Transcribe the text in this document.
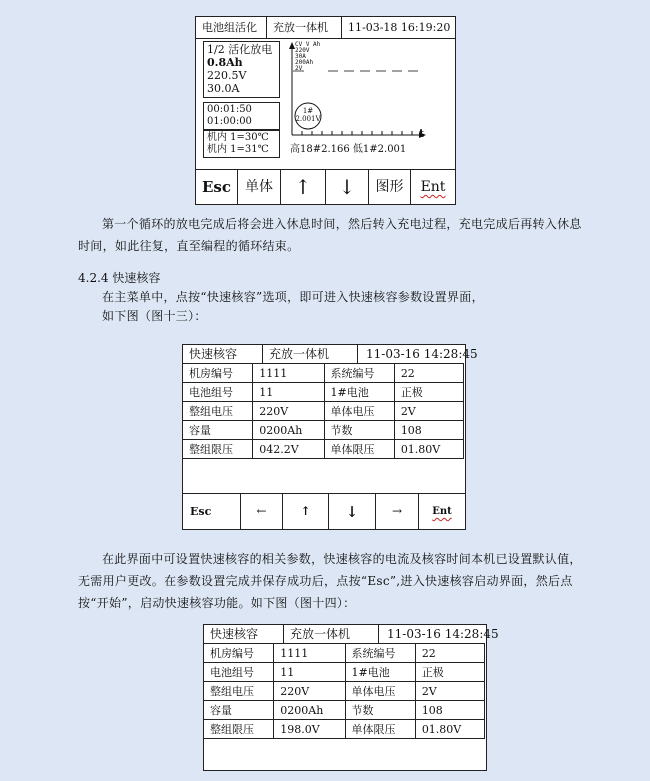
电池组活化	充放一体机	11-03-18 16:19:20
1/2 活化放电
0.8Ah
220.5V
30.0A
00:01:50
01:00:00
机内 1=30℃
机内 1=31℃
CV V Ah
220V
30A
200Ah
2V
t
1#
2.001V
高18#2.166 低1#2.001
Esc	单体	↑	↓	图形	Ent
第一个循环的放电完成后将会进入休息时间，然后转入充电过程，充电完成后再转入休息时间，如此往复，直至编程的循环结束。
4.2.4 快速核容
在主菜单中，点按“快速核容”选项，即可进入快速核容参数设置界面，
如下图（图十三）：
快速核容	充放一体机	11-03-16 14:28:45
机房编号	1111	系统编号	22
电池组号	11	1#电池	正极
整组电压	220V	单体电压	2V
容量	0200Ah	节数	108
整组限压	042.2V	单体限压	01.80V
Esc	←	↑	↓	→	Ent
在此界面中可设置快速核容的相关参数，快速核容的电流及核容时间本机已设置默认值，无需用户更改。在参数设置完成并保存成功后，点按“Esc”,进入快速核容启动界面，然后点按“开始”，启动快速核容功能。如下图（图十四）：
快速核容	充放一体机	11-03-16 14:28:45
机房编号	1111	系统编号	22
电池组号	11	1#电池	正极
整组电压	220V	单体电压	2V
容量	0200Ah	节数	108
整组限压	198.0V	单体限压	01.80V
